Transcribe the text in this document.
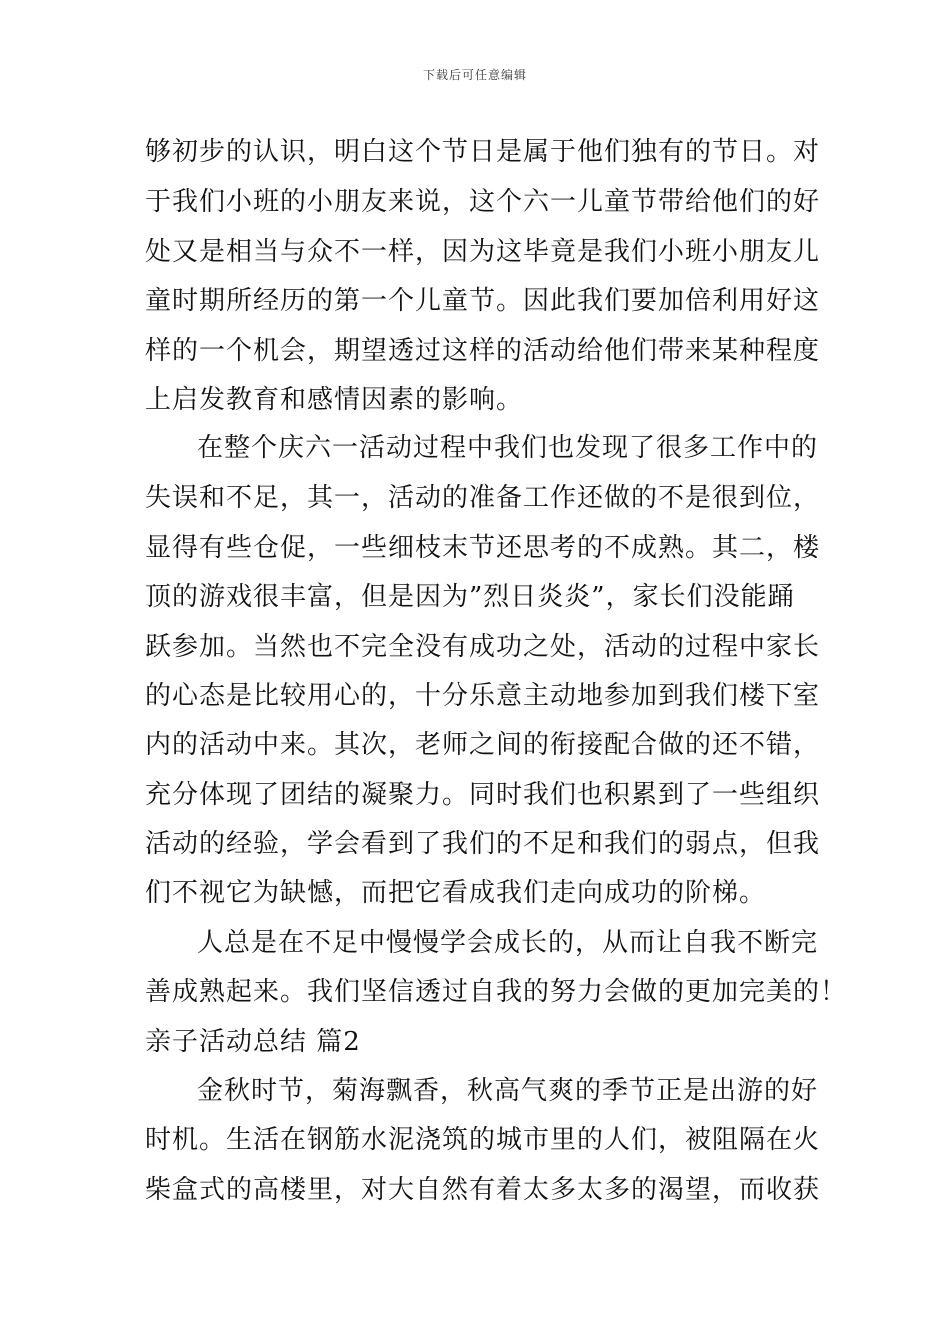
下载后可任意编辑
够初步的认识，明白这个节日是属于他们独有的节日。对
于我们小班的小朋友来说，这个六一儿童节带给他们的好
处又是相当与众不一样，因为这毕竟是我们小班小朋友儿
童时期所经历的第一个儿童节。因此我们要加倍利用好这
样的一个机会，期望透过这样的活动给他们带来某种程度
上启发教育和感情因素的影响。
在整个庆六一活动过程中我们也发现了很多工作中的
失误和不足，其一，活动的准备工作还做的不是很到位，
显得有些仓促，一些细枝末节还思考的不成熟。其二，楼
顶的游戏很丰富，但是因为”烈日炎炎”，家长们没能踊
跃参加。当然也不完全没有成功之处，活动的过程中家长
的心态是比较用心的，十分乐意主动地参加到我们楼下室
内的活动中来。其次，老师之间的衔接配合做的还不错，
充分体现了团结的凝聚力。同时我们也积累到了一些组织
活动的经验，学会看到了我们的不足和我们的弱点，但我
们不视它为缺憾，而把它看成我们走向成功的阶梯。
人总是在不足中慢慢学会成长的，从而让自我不断完
善成熟起来。我们坚信透过自我的努力会做的更加完美的！
亲子活动总结 篇2
金秋时节，菊海飘香，秋高气爽的季节正是出游的好
时机。生活在钢筋水泥浇筑的城市里的人们，被阻隔在火
柴盒式的高楼里，对大自然有着太多太多的渴望，而收获
